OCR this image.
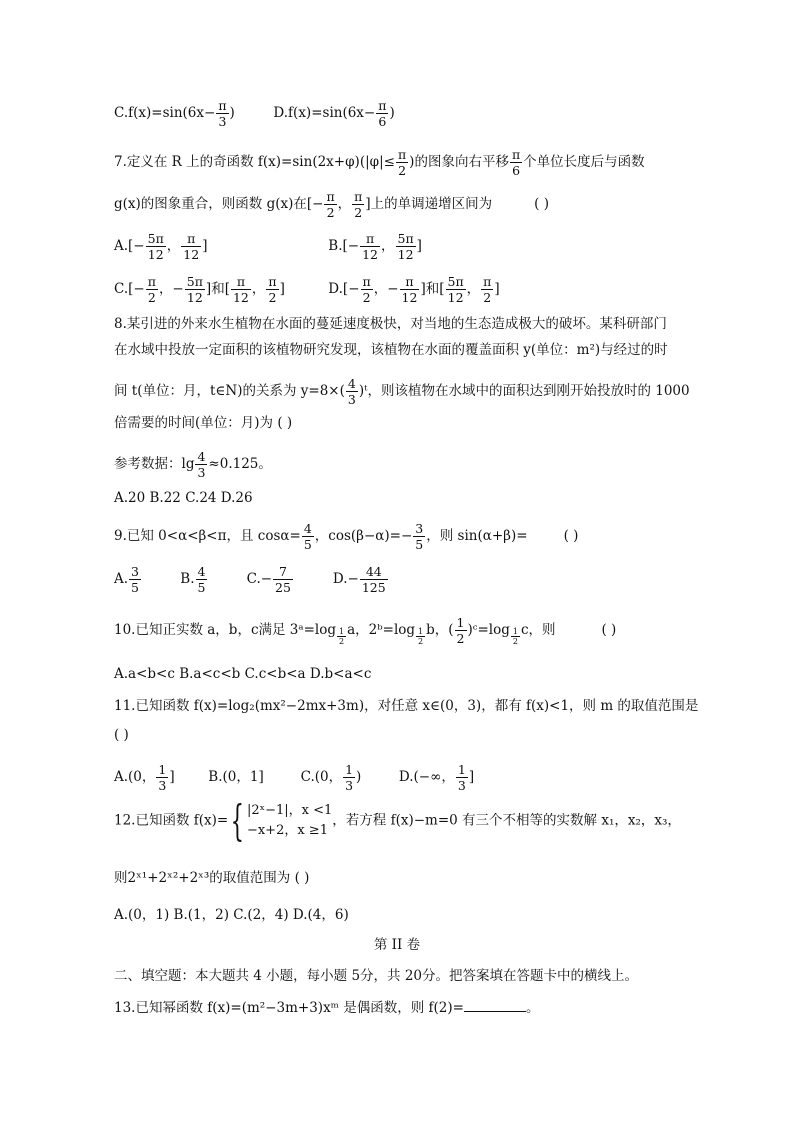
$C.f(x)=\sin(6x- \frac{\pi}{3}$ )	$D.f(x)=\sin(6x- \frac{\pi}{6}$ )
7.定义在 R 上的奇函数 $f(x)=\sin(2x+\varphi)(|\varphi|\le \frac{\pi}{2}$ )的图象向右平移 $\frac{\pi}{6}$ 个单位长度后与函数
g(x)的图象重合，则函数 g(x)在[− $\frac{\pi}{2}$ ， $\frac{\pi}{2}$ ]上的单调递增区间为	( )
$A.[- \frac{5\pi}{12}$ ， $\frac{\pi}{12}$ ]	$B.[- \frac{\pi}{12}$ ， $\frac{5\pi}{12}$ ]
$C.[- \frac{\pi}{2}$ ，− $\frac{5\pi}{12}$ ]和[ $\frac{\pi}{12}$ ， $\frac{\pi}{2}$ ]	$D.[- \frac{\pi}{2}$ ，− $\frac{\pi}{12}$ ]和[ $\frac{5\pi}{12}$ ， $\frac{\pi}{2}$ ]
8.某引进的外来水生植物在水面的蔓延速度极快，对当地的生态造成极大的破坏。某科研部门
在水域中投放一定面积的该植物研究发现，该植物在水面的覆盖面积 y(单位：m²)与经过的时
间 t(单位：月，t∈N)的关系为 $y=8\times( \frac{4}{3}$ )ᵗ，则该植物在水域中的面积达到刚开始投放时的 1000
倍需要的时间(单位：月)为 ( )
参考数据：$\lg \frac{4}{3} \approx 0.125$。
A.20 B.22 C.24 D.26
9.已知 0<α<β<π，且 $\cos\alpha= \frac{4}{5}$ ，$\cos(\beta-\alpha)=- \frac{3}{5}$ ，则 sin(α+β)=	( )
A. $\frac{3}{5}$	B. $\frac{4}{5}$	$C.- \frac{7}{25}$	$D.- \frac{44}{125}$
10.已知正实数 a，b，c满足 3ᵃ=log $\frac{1}{2}$ a，2ᵇ=log $\frac{1}{2}$ b，( $\frac{1}{2}$ )ᶜ=log $\frac{1}{2}$ c，则	( )
A.a<b<c B.a<c<b C.c<b<a D.b<a<c
11.已知函数 f(x)=log₂(mx²−2mx+3m)，对任意 x∈(0，3)，都有 f(x)<1，则 m 的取值范围是
( )
A.(0， $\frac{1}{3}$ ] B.(0，1]	C.(0， $\frac{1}{3}$ )	D.(−∞， $\frac{1}{3}$ ]
12.已知函数 f(x)={ |2ˣ−1|，x <1
−x+2，x ≥1
，若方程 f(x)−m=0 有三个不相等的实数解 x₁，x₂，x₃，
则2ˣ¹+2ˣ²+2ˣ³的取值范围为 ( )
A.(0，1) B.(1，2) C.(2，4) D.(4，6)
第 II 卷
二、填空题：本大题共 4 小题，每小题 5分，共 20分。把答案填在答题卡中的横线上。
13.已知幂函数 f(x)=(m²−3m+3)xᵐ 是偶函数，则 f(2)=	。
